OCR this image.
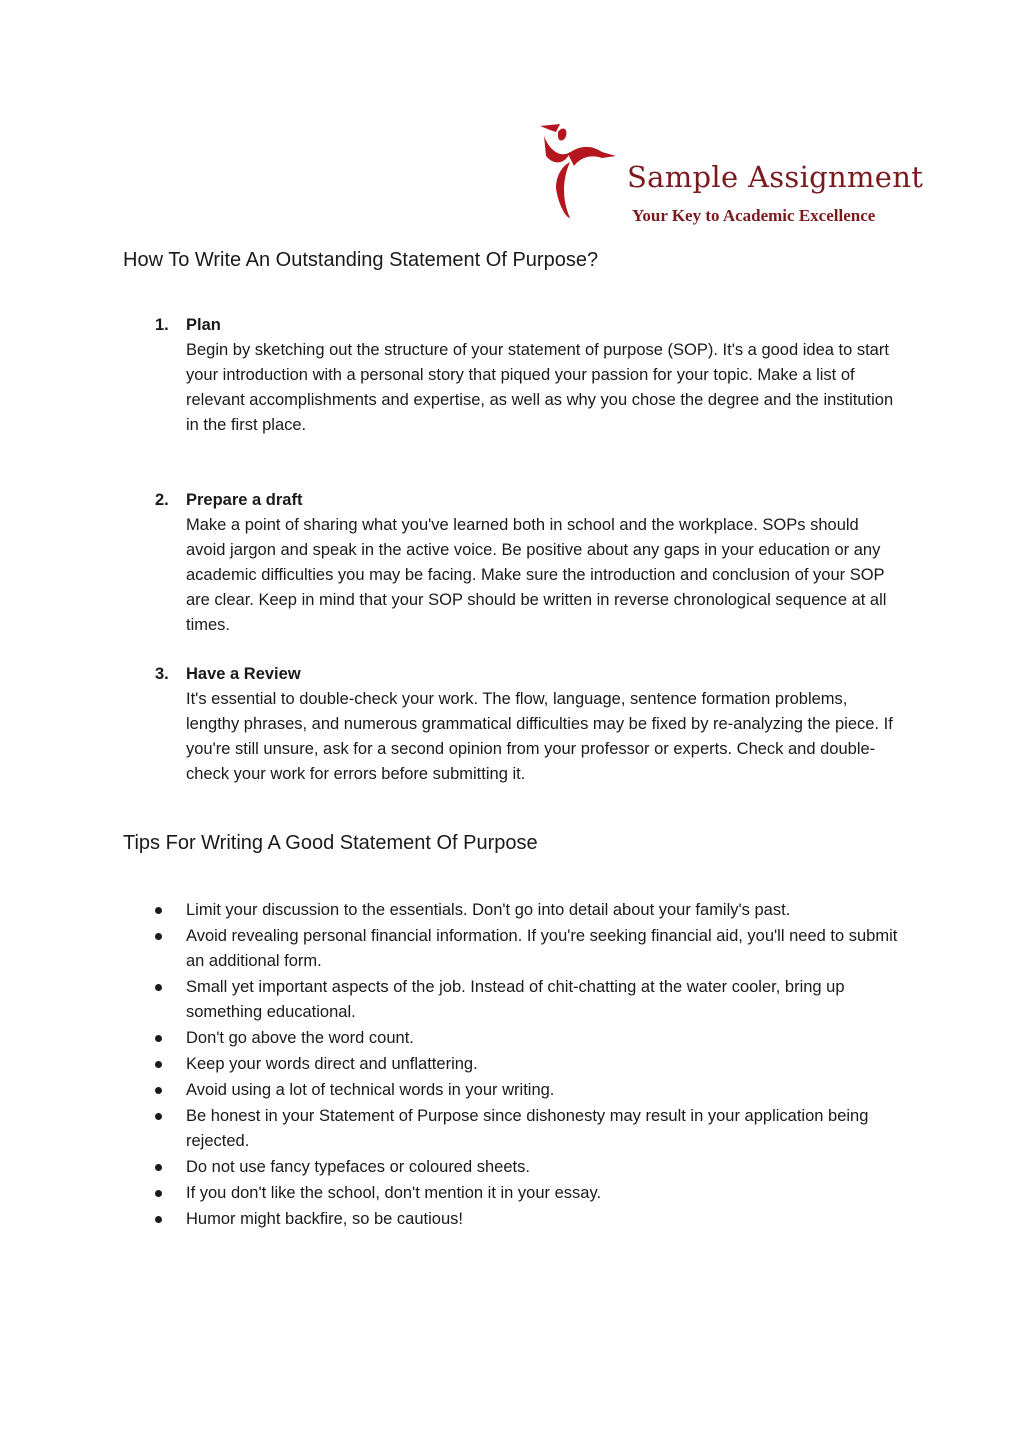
Sample Assignment
Your Key to Academic Excellence
How To Write An Outstanding Statement Of Purpose?
1. Plan
Begin by sketching out the structure of your statement of purpose (SOP). It's a good idea to start your introduction with a personal story that piqued your passion for your topic. Make a list of relevant accomplishments and expertise, as well as why you chose the degree and the institution in the first place.
2. Prepare a draft
Make a point of sharing what you've learned both in school and the workplace. SOPs should avoid jargon and speak in the active voice. Be positive about any gaps in your education or any academic difficulties you may be facing. Make sure the introduction and conclusion of your SOP are clear. Keep in mind that your SOP should be written in reverse chronological sequence at all times.
3. Have a Review
It's essential to double-check your work. The flow, language, sentence formation problems, lengthy phrases, and numerous grammatical difficulties may be fixed by re-analyzing the piece. If you're still unsure, ask for a second opinion from your professor or experts. Check and double-check your work for errors before submitting it.
Tips For Writing A Good Statement Of Purpose
Limit your discussion to the essentials. Don't go into detail about your family's past.
Avoid revealing personal financial information. If you're seeking financial aid, you'll need to submit an additional form.
Small yet important aspects of the job. Instead of chit-chatting at the water cooler, bring up something educational.
Don't go above the word count.
Keep your words direct and unflattering.
Avoid using a lot of technical words in your writing.
Be honest in your Statement of Purpose since dishonesty may result in your application being rejected.
Do not use fancy typefaces or coloured sheets.
If you don't like the school, don't mention it in your essay.
Humor might backfire, so be cautious!
